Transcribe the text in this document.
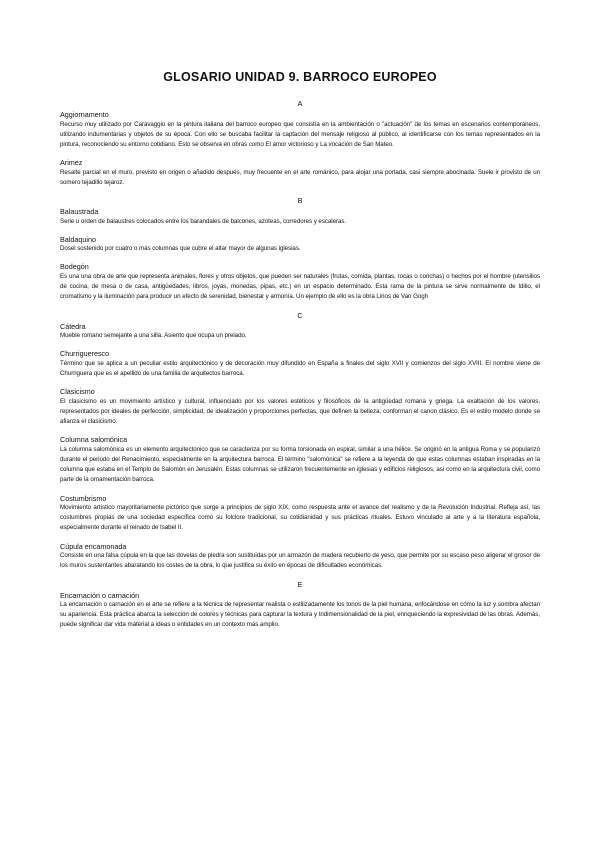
GLOSARIO UNIDAD 9. BARROCO EUROPEO

A

Aggiornamento

Recurso muy utilizado por Caravaggio en la pintura italiana del barroco europeo que consistía en la ambientación o "actuación" de los temas en escenarios contemporáneos, utilizando indumentarias y objetos de su época. Con ello se buscaba facilitar la captación del mensaje religioso al público, al identificarse con los temas representados en la pintura, reconociendo su entorno cotidiano. Esto se observa en obras como El amor victorioso y La vocación de San Mateo.

Arimez

Resalte parcial en el muro, previsto en origen o añadido después, muy frecuente en el arte románico, para alojar una portada, casi siempre abocinada. Suele ir provisto de un somero tejadillo tejaroz.

B

Balaustrada

Serie u orden de balaustres colocados entre los barandales de balcones, azoteas, corredores y escaleras.

Baldaquino

Dosel sostenido por cuatro o más columnas que cubre el altar mayor de algunas iglesias.

Bodegón

Es una una obra de arte que representa animales, flores y otros objetos, que pueden ser naturales (frutas, comida, plantas, rocas o conchas) o hechos por el hombre (utensilios de cocina, de mesa o de casa, antigüedades, libros, joyas, monedas, pipas, etc.) en un espacio determinado. Esta rama de la pintura se sirve normalmente de Idilio, el cromatismo y la iluminación para producir un efecto de serenidad, bienestar y armonía. Un ejemplo de ello es la obra Lirios de Van Gogh

C

Cátedra

Mueble romano semejante a una silla. Asiento que ocupa un prelado.

Churrigueresco

Término que se aplica a un peculiar estilo arquitectónico y de decoración muy difundido en España a finales del siglo XVII y comienzos del siglo XVIII. El nombre viene de Churriguera que es el apellido de una familia de arquitectos barroca.

Clasicismo

El clasicismo es un movimiento artístico y cultural, influenciado por los valores estéticos y filosóficos de la antigüedad romana y griega. La exaltación de los valores, representados por ideales de perfección, simplicidad, de idealización y proporciones perfectas, que definen la belleza; conforman el canon clásico. Es el estilo modelo donde se afianza el clasicismo.

Columna salomónica

La columna salomónica es un elemento arquitectónico que se caracteriza por su forma torsionada en espiral, similar a una hélice. Se originó en la antigua Roma y se popularizó durante el periodo del Renacimiento, especialmente en la arquitectura barroca. El término "salomónica" se refiere a la leyenda de que estas columnas estaban inspiradas en la columna que estaba en el Templo de Salomón en Jerusalén. Estas columnas se utilizaron frecuentemente en iglesias y edificios religiosos, así como en la arquitectura civil, como parte de la ornamentación barroca.

Costumbrismo

Movimiento artístico mayoritariamente pictórico que surge a principios de siglo XIX, como respuesta ante el avance del realismo y de la Revolución Industrial. Refleja así, las costumbres propias de una sociedad específica como su folclore tradicional, su cotidianidad y sus prácticas rituales. Estuvo vinculado al arte y a la literatura española, especialmente durante el reinado de Isabel II.

Cúpula encamonada

Consiste en una falsa cúpula en la que las dovelas de piedra son sustituidas por un armazón de madera recubierto de yeso, que permite por su escaso peso aligerar el grosor de los muros sustentantes abaratando los costes de la obra, lo que justifica su éxito en épocas de dificultades económicas.

E

Encarnación o carnación

La encarnación o carnación en el arte se refiere a la técnica de representar realista o estilizadamente los tonos de la piel humana, enfocándose en cómo la luz y sombra afectan su apariencia. Esta práctica abarca la selección de colores y técnicas para capturar la textura y tridimensionalidad de la piel, enriqueciendo la expresividad de las obras. Además, puede significar dar vida material a ideas o entidades en un contexto más amplio.
